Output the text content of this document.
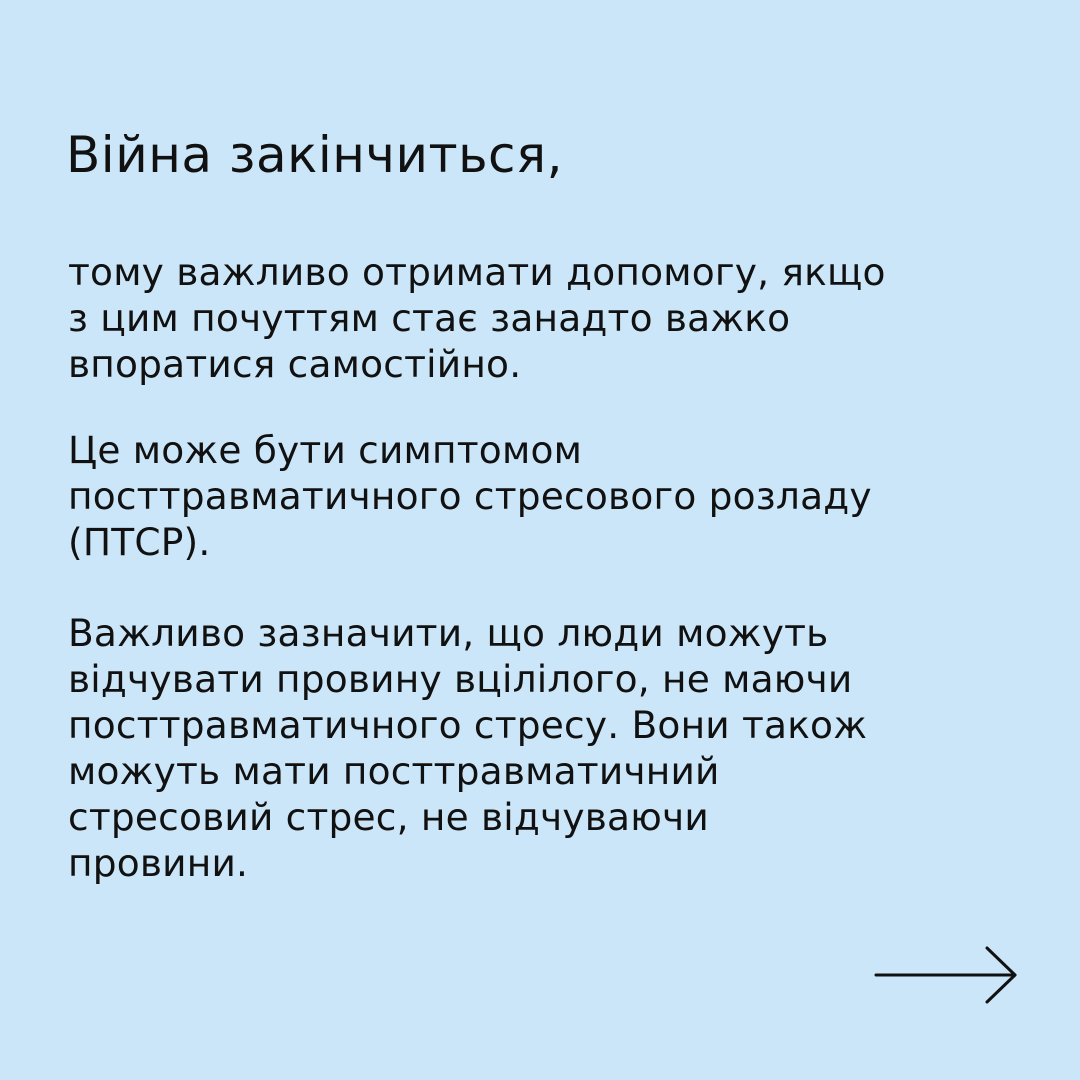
Війна закінчиться,

тому важливо отримати допомогу, якщо
з цим почуттям стає занадто важко
впоратися самостійно.

Це може бути симптомом
посттравматичного стресового розладу
(ПТСР).

Важливо зазначити, що люди можуть
відчувати провину вцілілого, не маючи
посттравматичного стресу. Вони також
можуть мати посттравматичний
стресовий стрес, не відчуваючи
провини.
